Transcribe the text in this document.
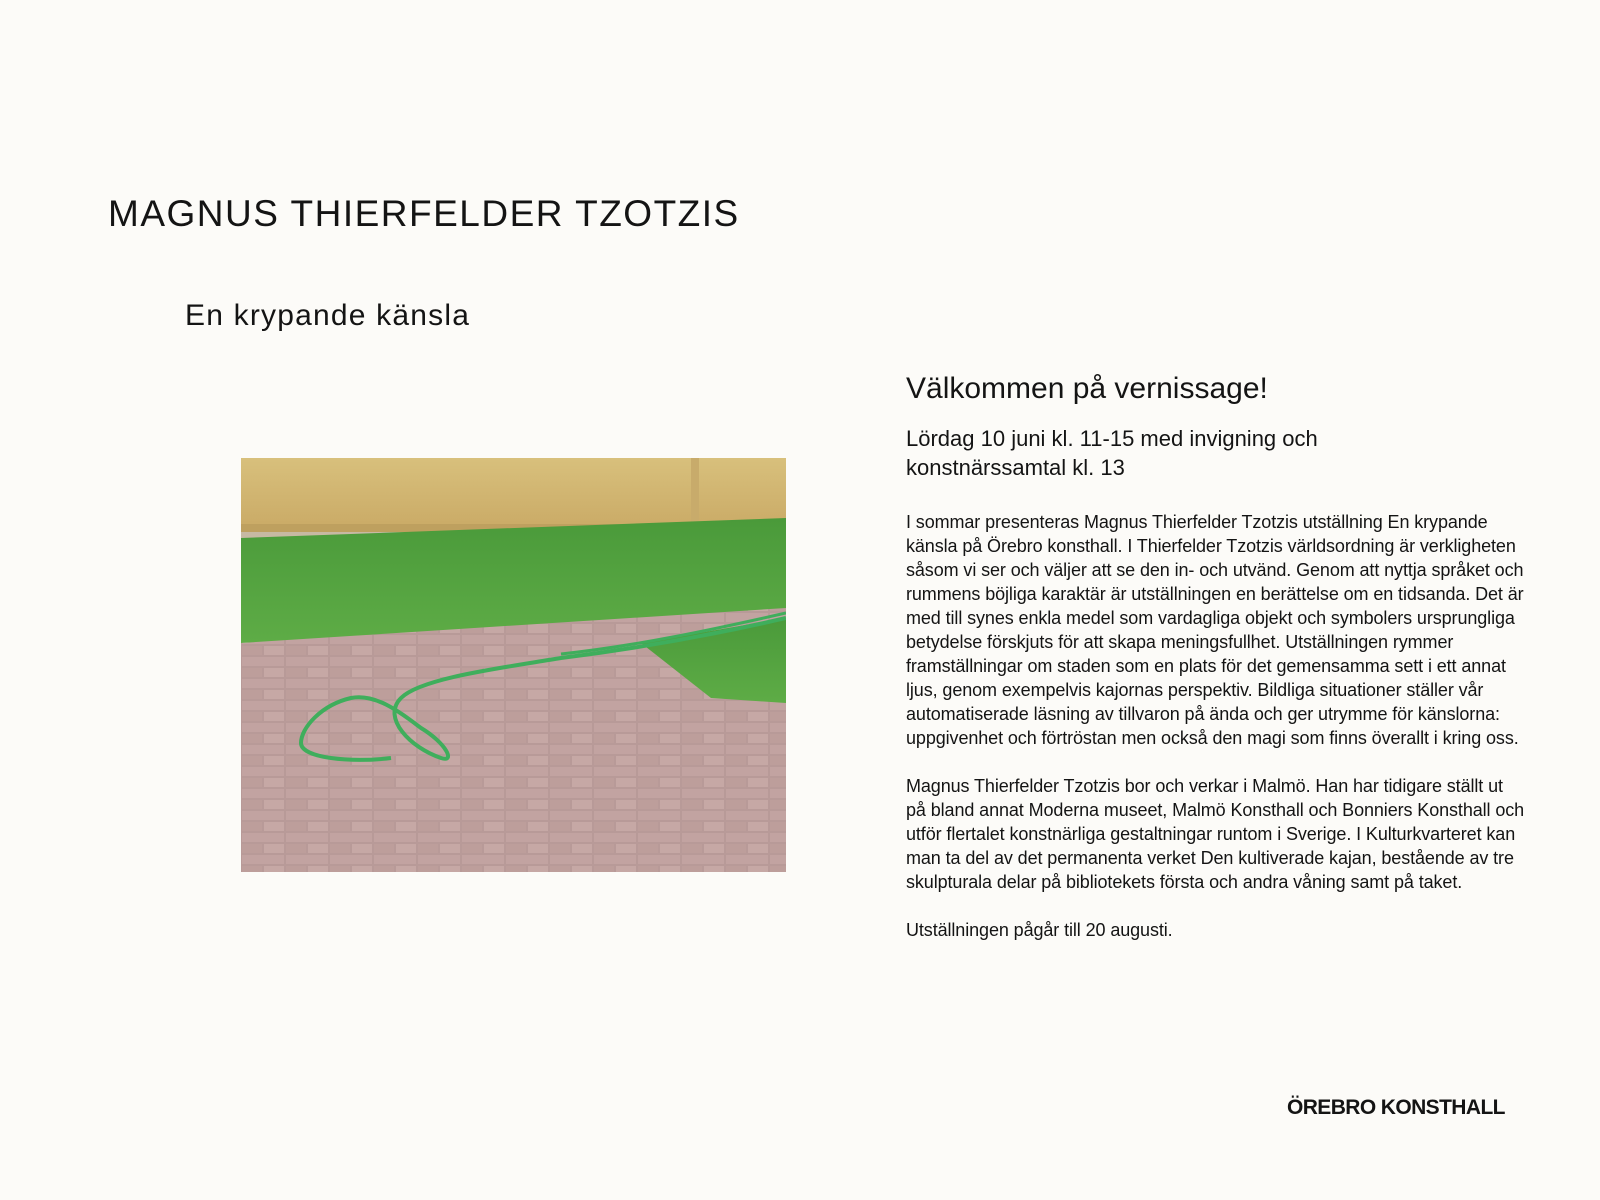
MAGNUS THIERFELDER TZOTZIS
En krypande känsla
Välkommen på vernissage!

Lördag 10 juni kl. 11-15 med invigning och

konstnärssamtal kl. 13

I sommar presenteras Magnus Thierfelder Tzotzis utställning En krypande känsla på Örebro konsthall. I Thierfelder Tzotzis världsordning är verkligheten såsom vi ser och väljer att se den in- och utvänd. Genom att nyttja språket och rummens böjliga karaktär är utställningen en berättelse om en tidsanda. Det är med till synes enkla medel som vardagliga objekt och symbolers ursprungliga betydelse förskjuts för att skapa meningsfullhet. Utställningen rymmer framställningar om staden som en plats för det gemensamma sett i ett annat ljus, genom exempelvis kajornas perspektiv. Bildliga situationer ställer vår automatiserade läsning av tillvaron på ända och ger utrymme för känslorna: uppgivenhet och förtröstan men också den magi som finns överallt i kring oss.

Magnus Thierfelder Tzotzis bor och verkar i Malmö. Han har tidigare ställt ut på bland annat Moderna museet, Malmö Konsthall och Bonniers Konsthall och utför flertalet konstnärliga gestaltningar runtom i Sverige. I Kulturkvarteret kan man ta del av det permanenta verket Den kultiverade kajan, bestående av tre skulpturala delar på bibliotekets första och andra våning samt på taket.

Utställningen pågår till 20 augusti.

ÖREBRO KONSTHALL
